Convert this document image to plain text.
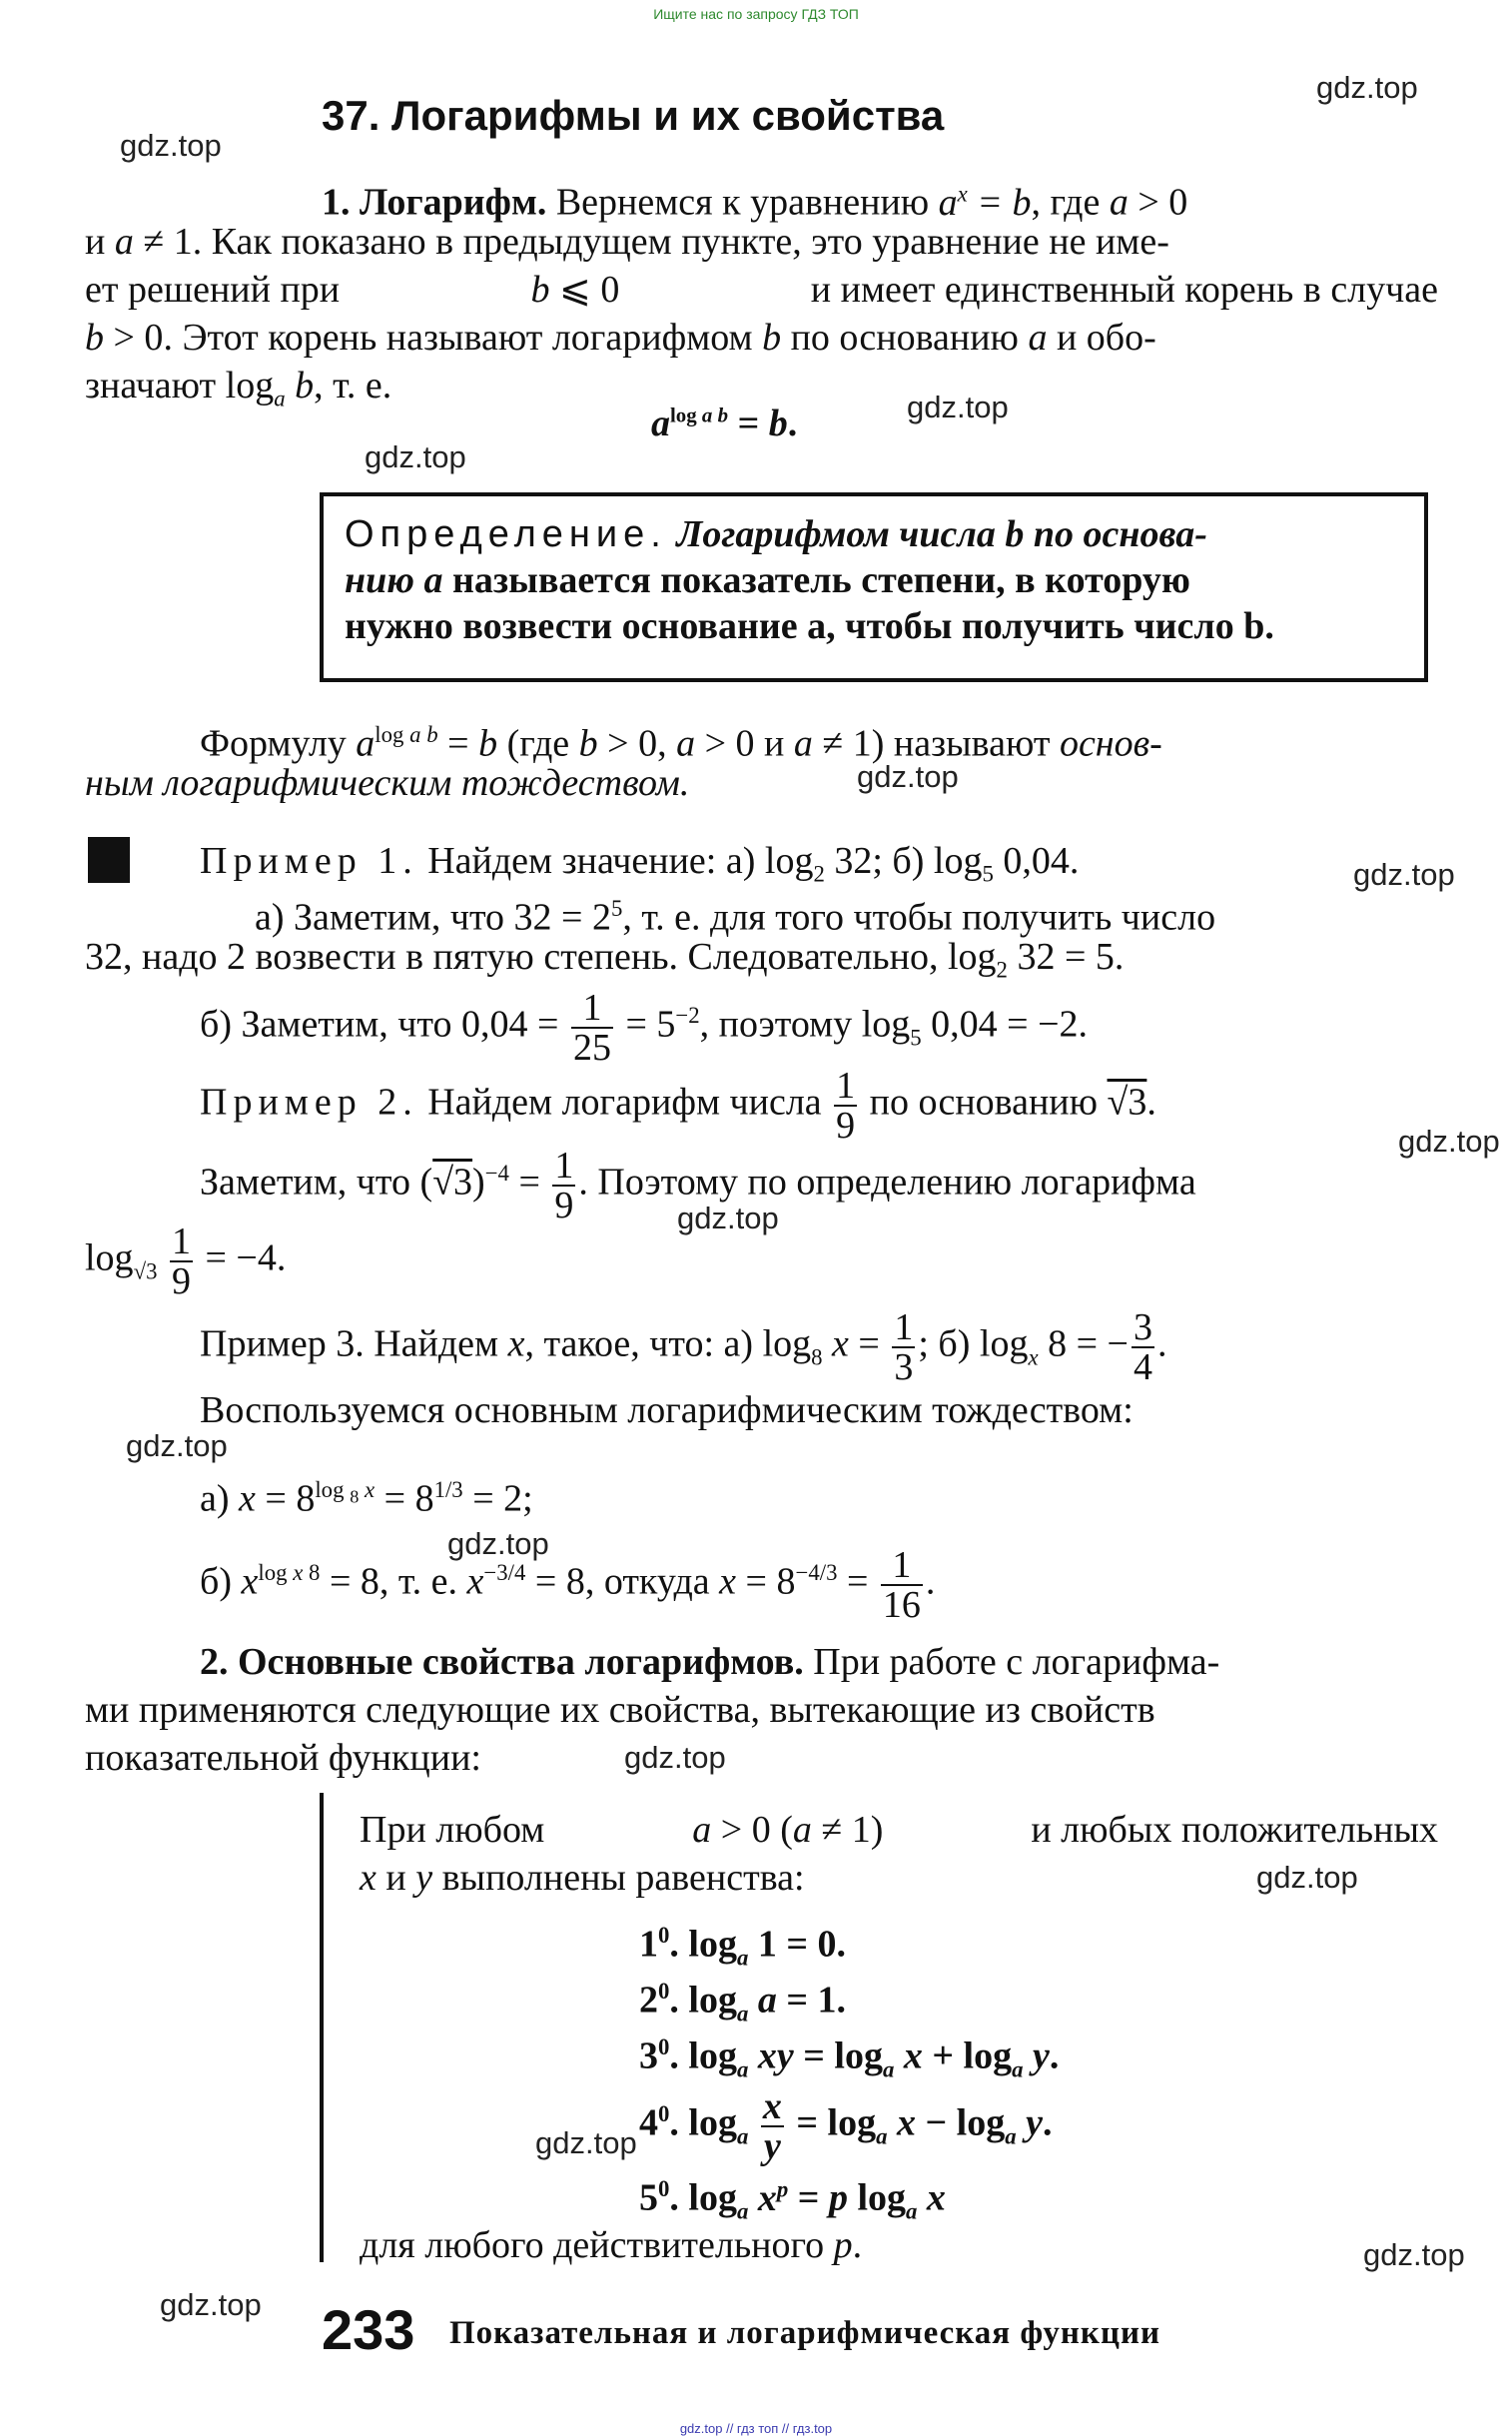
Ищите нас по запросу ГДЗ ТОП
gdz.top
gdz.top
gdz.top
gdz.top
gdz.top
gdz.top
gdz.top
gdz.top
gdz.top
gdz.top
gdz.top
gdz.top
gdz.top
gdz.top
gdz.top
37. Логарифмы и их свойства
1. Логарифм. Вернемся к уравнению $a^x = b$, где a > 0
и a ≠ 1. Как показано в предыдущем пункте, это уравнение не име-
ет решений при	b ⩽ 0	и имеет единственный корень в случае
b > 0. Этот корень называют логарифмом b по основанию a и обо-
значают $\log_a b$, т. е.
$a^{log a b} = b$.
Определение. Логарифмом числа b по основа-
нию a называется показатель степени, в которую
нужно возвести основание a, чтобы получить число b.
Формулу $a^{log a b} = b$ (где b > 0, a > 0 и a ≠ 1) называют основ-
ным логарифмическим тождеством.
Пример 1. Найдем значение: а) $\log_2 32$; б) $\log_5 0,04$.
а) Заметим, что $32 = 2^5$, т. е. для того чтобы получить число
32, надо 2 возвести в пятую степень. Следовательно, $\log_2 32 = 5$.
б) Заметим, что $0,04 = \frac{1}{25} = 5^{-2}$, поэтому $\log_5 0,04 = -2$.
Пример 2. Найдем логарифм числа $\frac{1}{9}$ по основанию √3.
Заметим, что $(√3)^{-4} = \frac{1}{9}$ . Поэтому по определению логарифма
$\log_{√3} \frac{1}{9} = -4$.
Пример 3. Найдем x, такое, что: а) $\log_8 x = \frac{1}{3}$ ; б) $\log_x 8$ = − $\frac{3}{4}$ .
Воспользуемся основным логарифмическим тождеством:
а) $x = 8^{log _8 x} = 8^{1/3} = 2$;
б) $x^{log x 8} = 8$, т. е. $x^{-3/4} = 8$, откуда $x = 8^{-4/3} = \frac{1}{16}$ .
2. Основные свойства логарифмов. При работе с логарифма-
ми применяются следующие их свойства, вытекающие из свойств
показательной функции:
При любом	a > 0 (a ≠ 1)	и любых положительных
x и y выполнены равенства:
$1^0$. $\log_a 1 = 0$.
$2^0$. $\log_a a = 1$.
$3^0$. $\log_a$ xy = $\log_a x + \log_a y$.
$4^0$. $\log_a \frac{x}{y} = \log_a x - \log_a y$.
$5^0$. $\log_a x^p = p$ $\log_a x$
для любого действительного p.
233 Показательная и логарифмическая функции
gdz.top // гдз топ // гдз.top
